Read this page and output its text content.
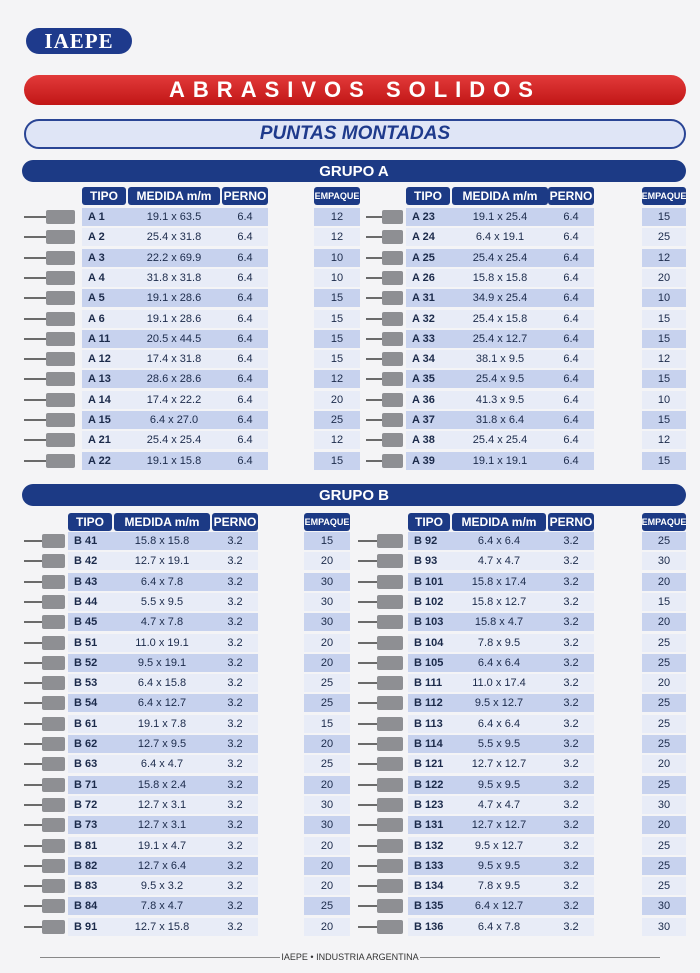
IAEPE
ABRASIVOS SOLIDOS
PUNTAS MONTADAS
GRUPO A
TIPO	MEDIDA m/m	PERNO	EMPAQUE
A 1	19.1 x 63.5	6.4	12
A 2	25.4 x 31.8	6.4	12
A 3	22.2 x 69.9	6.4	10
A 4	31.8 x 31.8	6.4	10
A 5	19.1 x 28.6	6.4	15
A 6	19.1 x 28.6	6.4	15
A 11	20.5 x 44.5	6.4	15
A 12	17.4 x 31.8	6.4	15
A 13	28.6 x 28.6	6.4	12
A 14	17.4 x 22.2	6.4	20
A 15	6.4 x 27.0	6.4	25
A 21	25.4 x 25.4	6.4	12
A 22	19.1 x 15.8	6.4	15
TIPO	MEDIDA m/m	PERNO	EMPAQUE
A 23	19.1 x 25.4	6.4	15
A 24	6.4 x 19.1	6.4	25
A 25	25.4 x 25.4	6.4	12
A 26	15.8 x 15.8	6.4	20
A 31	34.9 x 25.4	6.4	10
A 32	25.4 x 15.8	6.4	15
A 33	25.4 x 12.7	6.4	15
A 34	38.1 x 9.5	6.4	12
A 35	25.4 x 9.5	6.4	15
A 36	41.3 x 9.5	6.4	10
A 37	31.8 x 6.4	6.4	15
A 38	25.4 x 25.4	6.4	12
A 39	19.1 x 19.1	6.4	15
GRUPO B
TIPO	MEDIDA m/m	PERNO	EMPAQUE
B 41	15.8 x 15.8	3.2	15
B 42	12.7 x 19.1	3.2	20
B 43	6.4 x 7.8	3.2	30
B 44	5.5 x 9.5	3.2	30
B 45	4.7 x 7.8	3.2	30
B 51	11.0 x 19.1	3.2	20
B 52	9.5 x 19.1	3.2	20
B 53	6.4 x 15.8	3.2	25
B 54	6.4 x 12.7	3.2	25
B 61	19.1 x 7.8	3.2	15
B 62	12.7 x 9.5	3.2	20
B 63	6.4 x 4.7	3.2	25
B 71	15.8 x 2.4	3.2	20
B 72	12.7 x 3.1	3.2	30
B 73	12.7 x 3.1	3.2	30
B 81	19.1 x 4.7	3.2	20
B 82	12.7 x 6.4	3.2	20
B 83	9.5 x 3.2	3.2	20
B 84	7.8 x 4.7	3.2	25
B 91	12.7 x 15.8	3.2	20
TIPO	MEDIDA m/m	PERNO	EMPAQUE
B 92	6.4 x 6.4	3.2	25
B 93	4.7 x 4.7	3.2	30
B 101	15.8 x 17.4	3.2	20
B 102	15.8 x 12.7	3.2	15
B 103	15.8 x 4.7	3.2	20
B 104	7.8 x 9.5	3.2	25
B 105	6.4 x 6.4	3.2	25
B 111	11.0 x 17.4	3.2	20
B 112	9.5 x 12.7	3.2	25
B 113	6.4 x 6.4	3.2	25
B 114	5.5 x 9.5	3.2	25
B 121	12.7 x 12.7	3.2	20
B 122	9.5 x 9.5	3.2	25
B 123	4.7 x 4.7	3.2	30
B 131	12.7 x 12.7	3.2	20
B 132	9.5 x 12.7	3.2	25
B 133	9.5 x 9.5	3.2	25
B 134	7.8 x 9.5	3.2	25
B 135	6.4 x 12.7	3.2	30
B 136	6.4 x 7.8	3.2	30
IAEPE • INDUSTRIA ARGENTINA
